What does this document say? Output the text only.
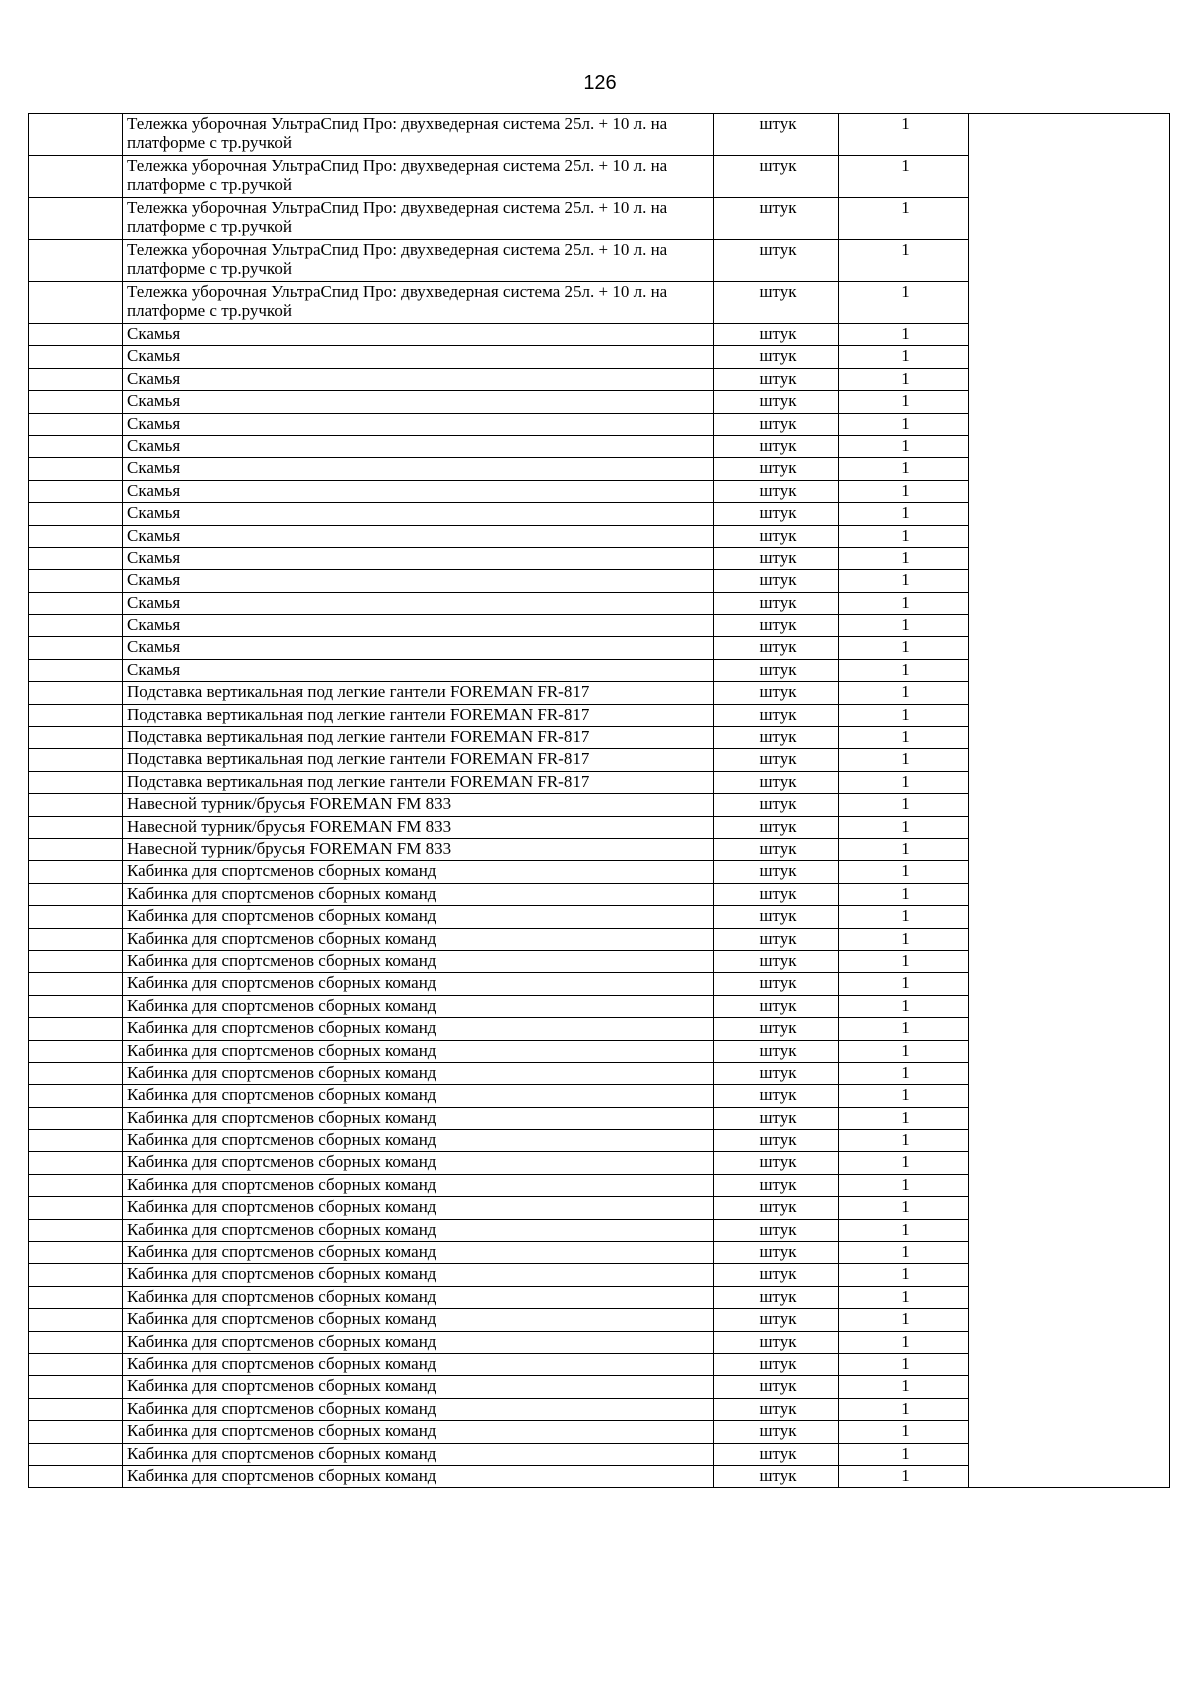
126
	Тележка уборочная УльтраСпид Про: двухведерная система 25л. + 10 л. на платформе с тр.ручкой	штук	1	
	Тележка уборочная УльтраСпид Про: двухведерная система 25л. + 10 л. на платформе с тр.ручкой	штук	1	
	Тележка уборочная УльтраСпид Про: двухведерная система 25л. + 10 л. на платформе с тр.ручкой	штук	1	
	Тележка уборочная УльтраСпид Про: двухведерная система 25л. + 10 л. на платформе с тр.ручкой	штук	1	
	Тележка уборочная УльтраСпид Про: двухведерная система 25л. + 10 л. на платформе с тр.ручкой	штук	1	
	Скамья	штук	1	
	Скамья	штук	1	
	Скамья	штук	1	
	Скамья	штук	1	
	Скамья	штук	1	
	Скамья	штук	1	
	Скамья	штук	1	
	Скамья	штук	1	
	Скамья	штук	1	
	Скамья	штук	1	
	Скамья	штук	1	
	Скамья	штук	1	
	Скамья	штук	1	
	Скамья	штук	1	
	Скамья	штук	1	
	Скамья	штук	1	
	Подставка вертикальная под легкие гантели FOREMAN FR-817	штук	1	
	Подставка вертикальная под легкие гантели FOREMAN FR-817	штук	1	
	Подставка вертикальная под легкие гантели FOREMAN FR-817	штук	1	
	Подставка вертикальная под легкие гантели FOREMAN FR-817	штук	1	
	Подставка вертикальная под легкие гантели FOREMAN FR-817	штук	1	
	Навесной турник/брусья FOREMAN FM 833	штук	1	
	Навесной турник/брусья FOREMAN FM 833	штук	1	
	Навесной турник/брусья FOREMAN FM 833	штук	1	
	Кабинка для спортсменов сборных команд	штук	1	
	Кабинка для спортсменов сборных команд	штук	1	
	Кабинка для спортсменов сборных команд	штук	1	
	Кабинка для спортсменов сборных команд	штук	1	
	Кабинка для спортсменов сборных команд	штук	1	
	Кабинка для спортсменов сборных команд	штук	1	
	Кабинка для спортсменов сборных команд	штук	1	
	Кабинка для спортсменов сборных команд	штук	1	
	Кабинка для спортсменов сборных команд	штук	1	
	Кабинка для спортсменов сборных команд	штук	1	
	Кабинка для спортсменов сборных команд	штук	1	
	Кабинка для спортсменов сборных команд	штук	1	
	Кабинка для спортсменов сборных команд	штук	1	
	Кабинка для спортсменов сборных команд	штук	1	
	Кабинка для спортсменов сборных команд	штук	1	
	Кабинка для спортсменов сборных команд	штук	1	
	Кабинка для спортсменов сборных команд	штук	1	
	Кабинка для спортсменов сборных команд	штук	1	
	Кабинка для спортсменов сборных команд	штук	1	
	Кабинка для спортсменов сборных команд	штук	1	
	Кабинка для спортсменов сборных команд	штук	1	
	Кабинка для спортсменов сборных команд	штук	1	
	Кабинка для спортсменов сборных команд	штук	1	
	Кабинка для спортсменов сборных команд	штук	1	
	Кабинка для спортсменов сборных команд	штук	1	
	Кабинка для спортсменов сборных команд	штук	1	
	Кабинка для спортсменов сборных команд	штук	1	
	Кабинка для спортсменов сборных команд	штук	1	
